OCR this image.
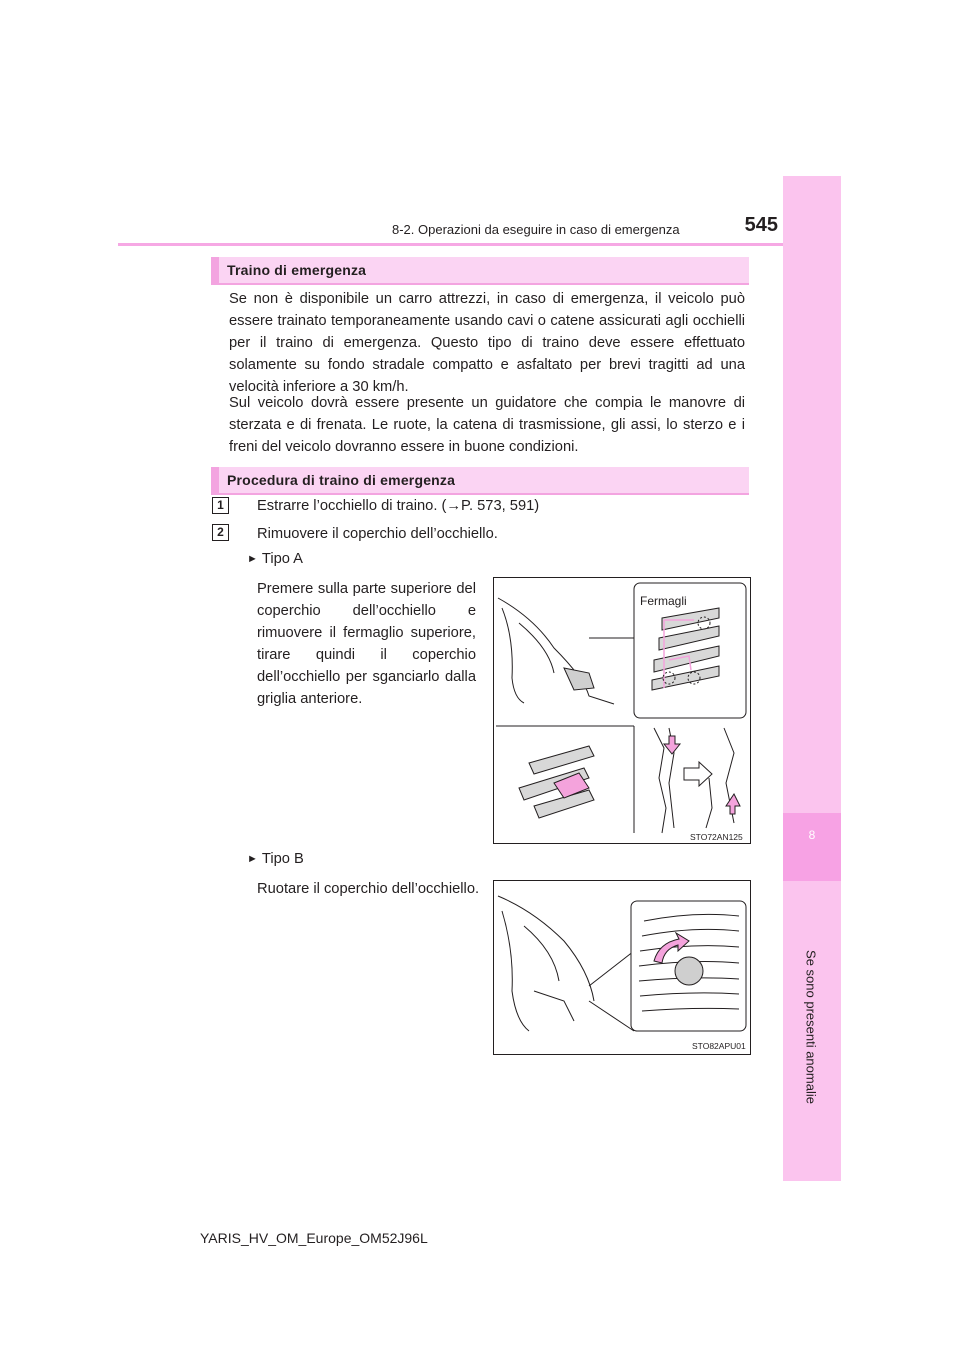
8-2. Operazioni da eseguire in caso di emergenza	545
8
Se sono presenti anomalie
Traino di emergenza
Se non è disponibile un carro attrezzi, in caso di emergenza, il veicolo può essere trainato temporaneamente usando cavi o catene assicurati agli occhielli per il traino di emergenza. Questo tipo di traino deve essere effettuato solamente su fondo stradale compatto e asfaltato per brevi tragitti ad una velocità inferiore a 30 km/h.
Sul veicolo dovrà essere presente un guidatore che compia le manovre di sterzata e di frenata. Le ruote, la catena di trasmissione, gli assi, lo sterzo e i freni del veicolo dovranno essere in buone condizioni.
Procedura di traino di emergenza
1	Estrarre l’occhiello di traino. (→P. 573, 591)
2	Rimuovere il coperchio dell’occhiello.
► Tipo A
Premere sulla parte superiore del coperchio dell’occhiello e rimuovere il fermaglio superiore, tirare quindi il coperchio dell’occhiello per sganciarlo dalla griglia anteriore.
Fermagli
STO72AN125
► Tipo B
Ruotare il coperchio dell’occhiello.
STO82APU01
YARIS_HV_OM_Europe_OM52J96L
